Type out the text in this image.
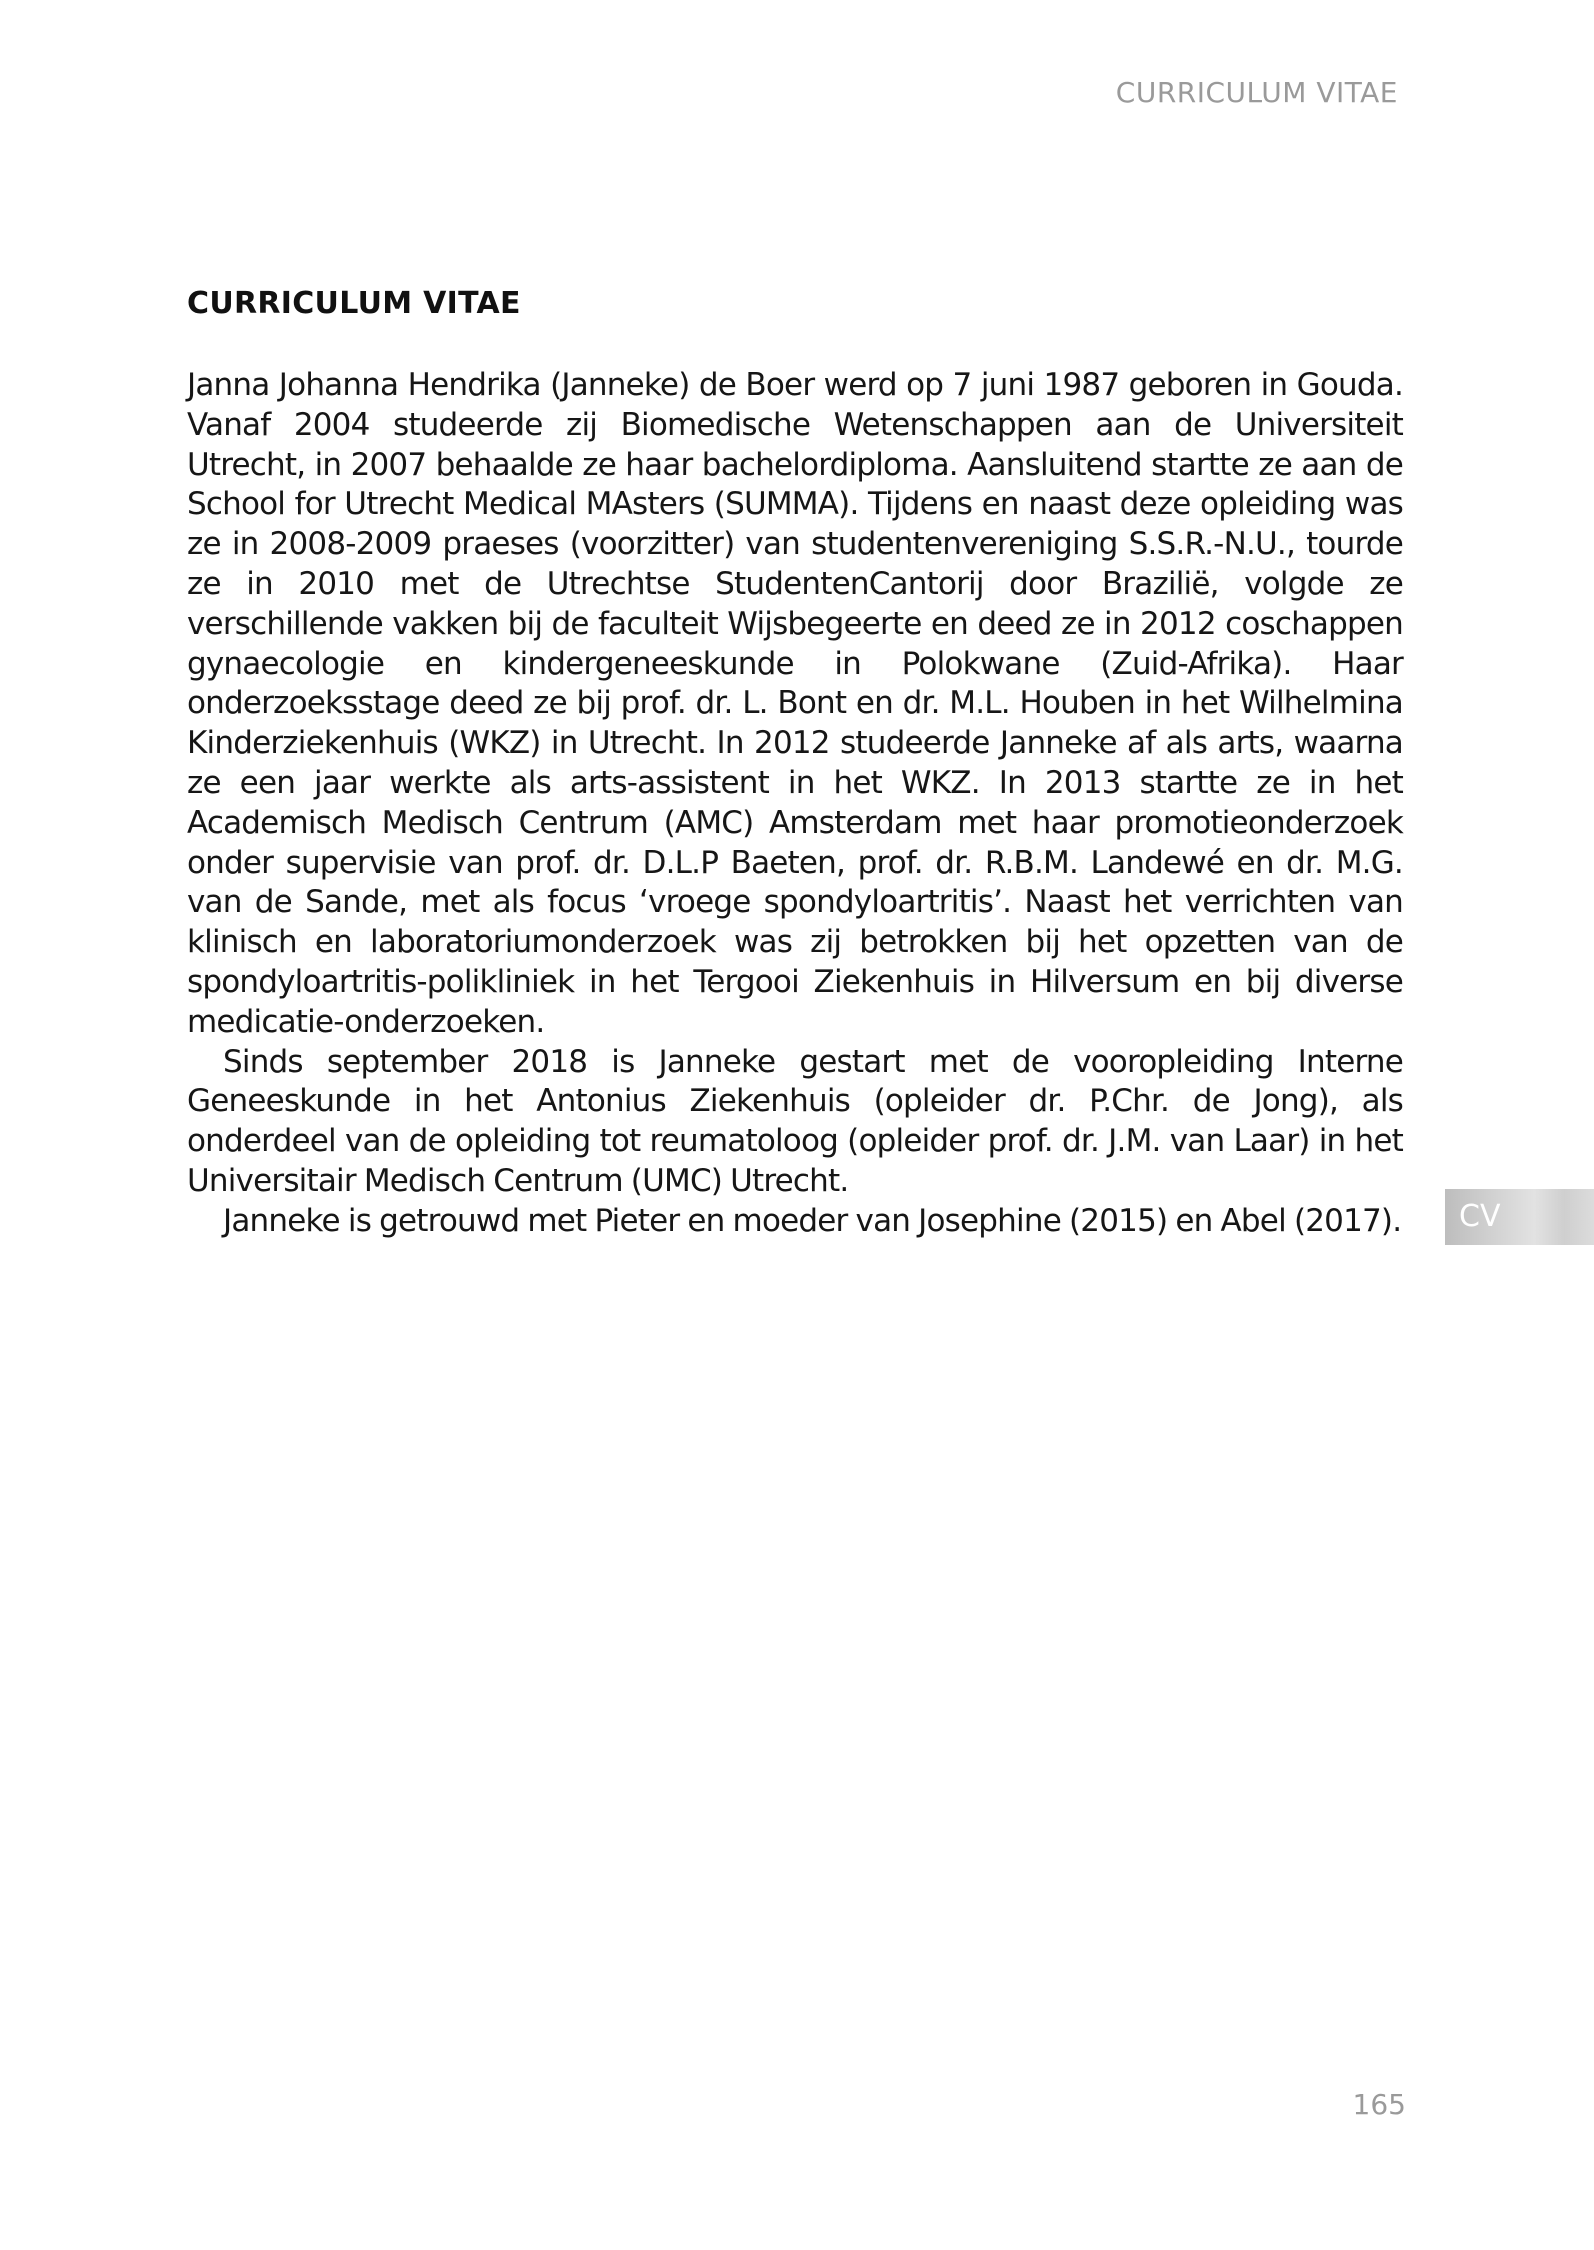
CURRICULUM VITAE
CURRICULUM VITAE

Janna Johanna Hendrika (Janneke) de Boer werd op 7 juni 1987 geboren in Gouda. Vanaf 2004 studeerde zij Biomedische Wetenschappen aan de Universiteit Utrecht, in 2007 behaalde ze haar bachelordiploma. Aansluitend startte ze aan de School for Utrecht Medical MAsters (SUMMA). Tijdens en naast deze opleiding was ze in 2008-2009 praeses (voorzitter) van studentenvereniging S.S.R.-N.U., tourde ze in 2010 met de Utrechtse StudentenCantorij door Brazilië, volgde ze verschillende vakken bij de faculteit Wijsbegeerte en deed ze in 2012 coschappen gynaecologie en kindergeneeskunde in Polokwane (Zuid-Afrika). Haar onderzoeksstage deed ze bij prof. dr. L. Bont en dr. M.L. Houben in het Wilhelmina Kinderziekenhuis (WKZ) in Utrecht. In 2012 studeerde Janneke af als arts, waarna ze een jaar werkte als arts-assistent in het WKZ. In 2013 startte ze in het Academisch Medisch Centrum (AMC) Amsterdam met haar promotieonderzoek onder supervisie van prof. dr. D.L.P Baeten, prof. dr. R.B.M. Landewé en dr. M.G. van de Sande, met als focus ‘vroege spondyloartritis’. Naast het verrichten van klinisch en laboratoriumonderzoek was zij betrokken bij het opzetten van de spondyloartritis-polikliniek in het Tergooi Ziekenhuis in Hilversum en bij diverse medicatie-onderzoeken.

Sinds september 2018 is Janneke gestart met de vooropleiding Interne Geneeskunde in het Antonius Ziekenhuis (opleider dr. P.Chr. de Jong), als onderdeel van de opleiding tot reumatoloog (opleider prof. dr. J.M. van Laar) in het Universitair Medisch Centrum (UMC) Utrecht.

Janneke is getrouwd met Pieter en moeder van Josephine (2015) en Abel (2017). CV
165
